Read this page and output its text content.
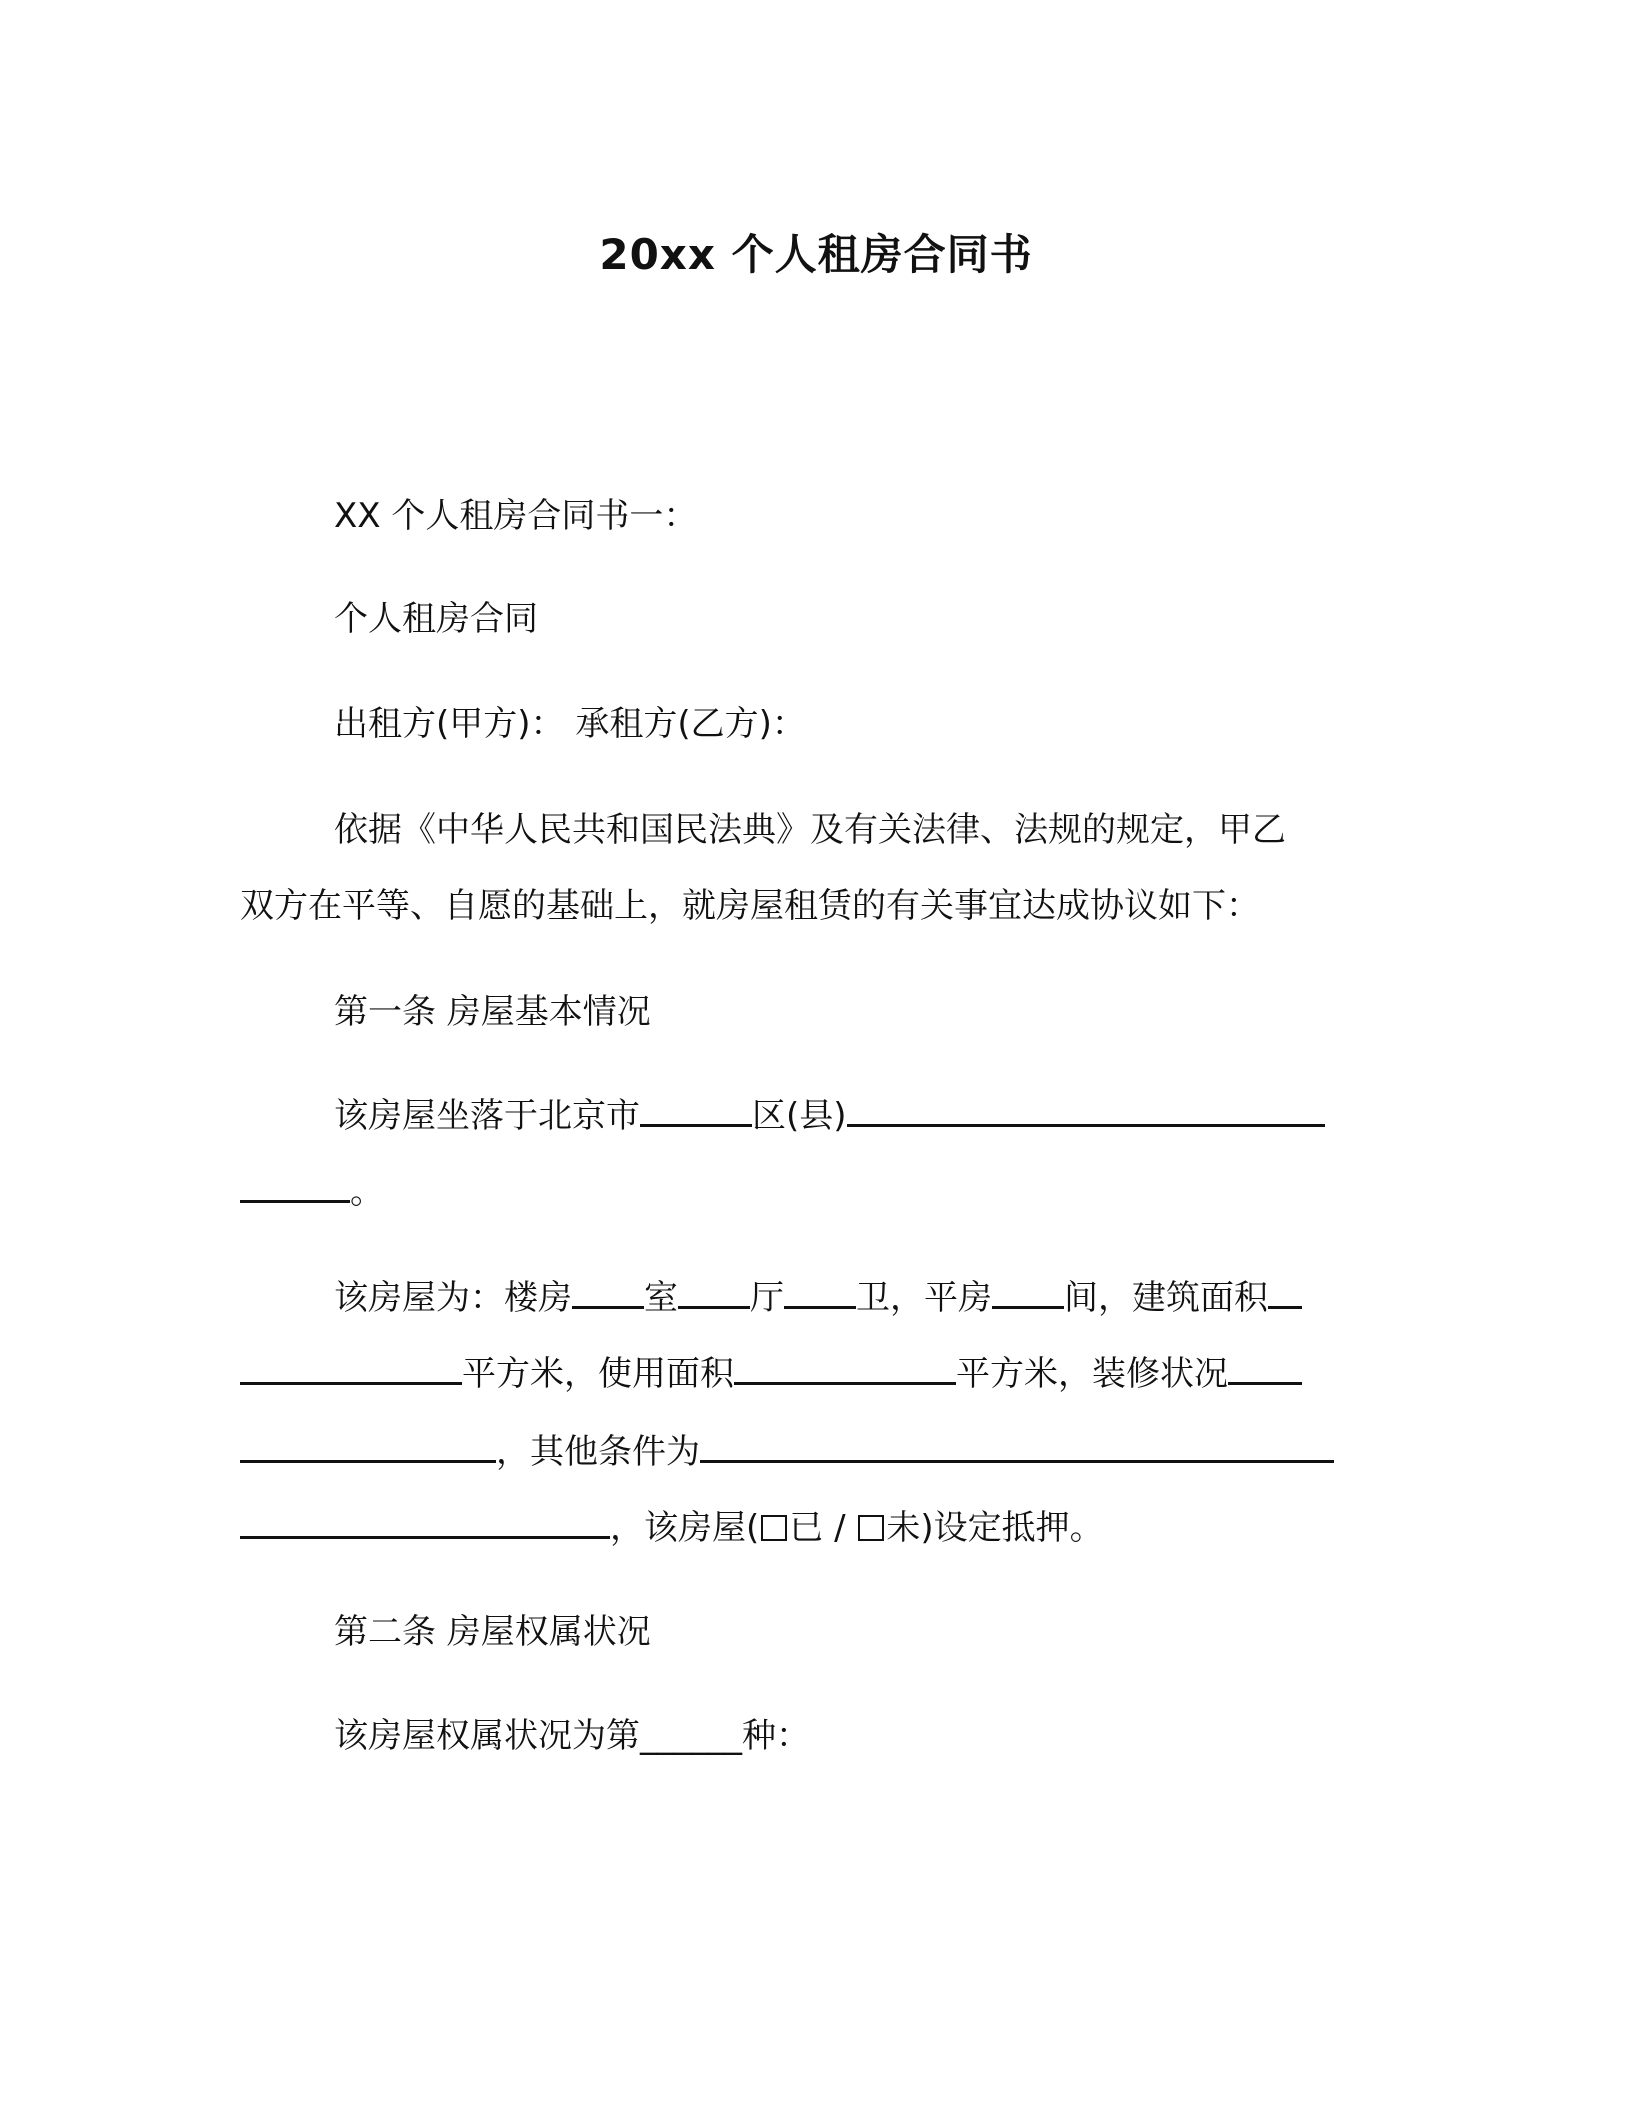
20xx 个人租房合同书
XX 个人租房合同书一：
个人租房合同
出租方(甲方)： 承租方(乙方)：
依据《中华人民共和国民法典》及有关法律、法规的规定，甲乙
双方在平等、自愿的基础上，就房屋租赁的有关事宜达成协议如下：
第一条 房屋基本情况
该房屋坐落于北京市	区(县)
。
该房屋为：楼房 室 厅 卫，平房 间，建筑面积
平方米，使用面积	平方米，装修状况
，其他条件为
，该房屋( 已 / 未)设定抵押。
第二条 房屋权属状况
该房屋权属状况为第______种：
